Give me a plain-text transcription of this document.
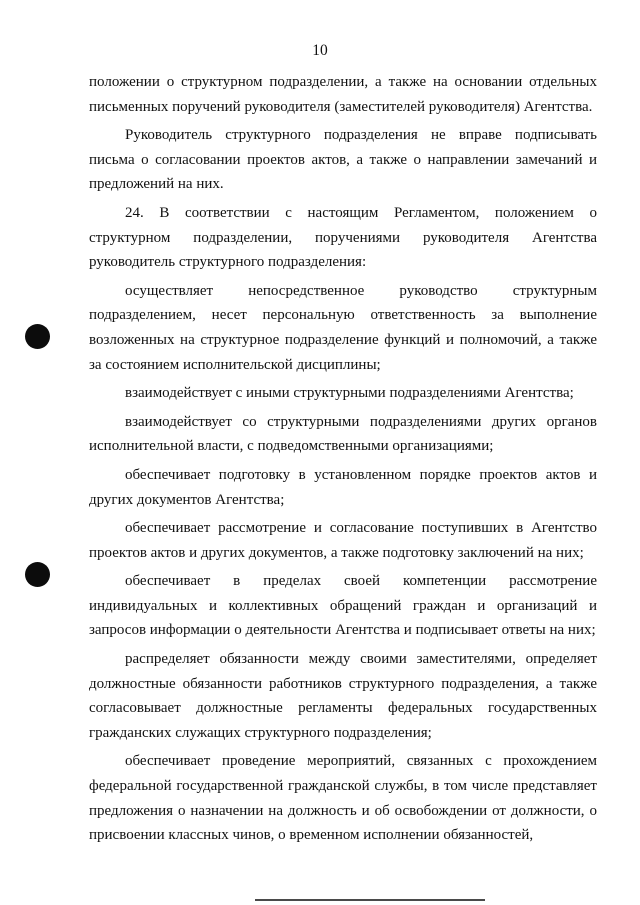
10

положении о структурном подразделении, а также на основании отдельных письменных поручений руководителя (заместителей руководителя) Агентства.

Руководитель структурного подразделения не вправе подписывать письма о согласовании проектов актов, а также о направлении замечаний и предложений на них.

24. В соответствии с настоящим Регламентом, положением о структурном подразделении, поручениями руководителя Агентства руководитель структурного подразделения:

осуществляет непосредственное руководство структурным подразделением, несет персональную ответственность за выполнение возложенных на структурное подразделение функций и полномочий, а также за состоянием исполнительской дисциплины;

взаимодействует с иными структурными подразделениями Агентства;

взаимодействует со структурными подразделениями других органов исполнительной власти, с подведомственными организациями;

обеспечивает подготовку в установленном порядке проектов актов и других документов Агентства;

обеспечивает рассмотрение и согласование поступивших в Агентство проектов актов и других документов, а также подготовку заключений на них;

обеспечивает в пределах своей компетенции рассмотрение индивидуальных и коллективных обращений граждан и организаций и запросов информации о деятельности Агентства и подписывает ответы на них;

распределяет обязанности между своими заместителями, определяет должностные обязанности работников структурного подразделения, а также согласовывает должностные регламенты федеральных государственных гражданских служащих структурного подразделения;

обеспечивает проведение мероприятий, связанных с прохождением федеральной государственной гражданской службы, в том числе представляет предложения о назначении на должность и об освобождении от должности, о присвоении классных чинов, о временном исполнении обязанностей,
